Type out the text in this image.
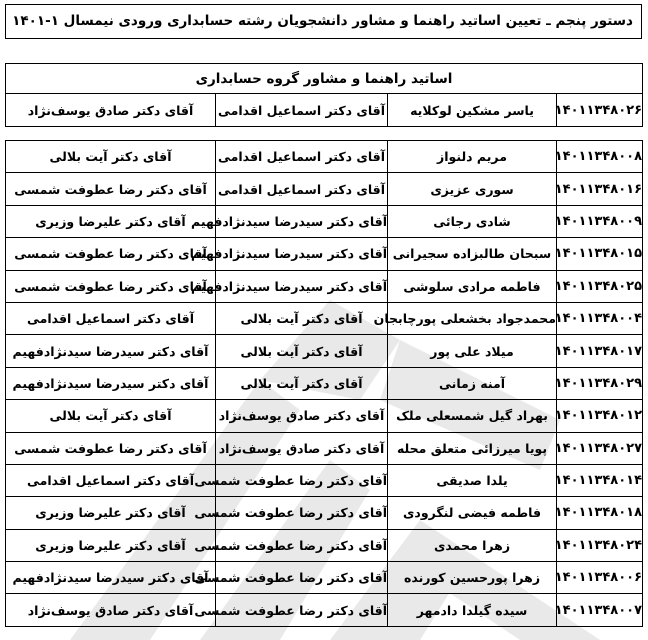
دستور پنجم ـ تعیین اساتید راهنما و مشاور دانشجویان رشته حسابداری ورودی نیمسال ۱-۱۴۰۱
اساتید راهنما و مشاور گروه حسابداری
۱۴۰۱۱۳۴۸۰۲۶	یاسر مشکین لوکلایه	آقای دکتر اسماعیل اقدامی	آقای دکتر صادق یوسف‌نژاد
۱۴۰۱۱۳۴۸۰۰۸	مریم دلنواز	آقای دکتر اسماعیل اقدامی	آقای دکتر آیت بلالی
۱۴۰۱۱۳۴۸۰۱۶	سوری عزیزی	آقای دکتر اسماعیل اقدامی	آقای دکتر رضا عطوفت شمسی
۱۴۰۱۱۳۴۸۰۰۹	شادی رجائی	آقای دکتر سیدرضا سیدنژادفهیم	آقای دکتر علیرضا وزیری
۱۴۰۱۱۳۴۸۰۱۵	سبحان طالبزاده سجیرانی	آقای دکتر سیدرضا سیدنژادفهیم	آقای دکتر رضا عطوفت شمسی
۱۴۰۱۱۳۴۸۰۲۵	فاطمه مرادی سلوشی	آقای دکتر سیدرضا سیدنژادفهیم	آقای دکتر رضا عطوفت شمسی
۱۴۰۱۱۳۴۸۰۰۴	محمدجواد بخشعلی پورچابجان	آقای دکتر آیت بلالی	آقای دکتر اسماعیل اقدامی
۱۴۰۱۱۳۴۸۰۱۷	میلاد علی پور	آقای دکتر آیت بلالی	آقای دکتر سیدرضا سیدنژادفهیم
۱۴۰۱۱۳۴۸۰۲۹	آمنه زمانی	آقای دکتر آیت بلالی	آقای دکتر سیدرضا سیدنژادفهیم
۱۴۰۱۱۳۴۸۰۱۲	بهراد گیل شمسعلی ملک	آقای دکتر صادق یوسف‌نژاد	آقای دکتر آیت بلالی
۱۴۰۱۱۳۴۸۰۲۷	پویا میرزائی متعلق محله	آقای دکتر صادق یوسف‌نژاد	آقای دکتر رضا عطوفت شمسی
۱۴۰۱۱۳۴۸۰۱۴	یلدا صدیقی	آقای دکتر رضا عطوفت شمسی	آقای دکتر اسماعیل اقدامی
۱۴۰۱۱۳۴۸۰۱۸	فاطمه فیضی لنگرودی	آقای دکتر رضا عطوفت شمسی	آقای دکتر علیرضا وزیری
۱۴۰۱۱۳۴۸۰۲۴	زهرا محمدی	آقای دکتر رضا عطوفت شمسی	آقای دکتر علیرضا وزیری
۱۴۰۱۱۳۴۸۰۰۶	زهرا پورحسین کورنده	آقای دکتر رضا عطوفت شمسی	آقای دکتر سیدرضا سیدنژادفهیم
۱۴۰۱۱۳۴۸۰۰۷	سیده گیلدا دادمهر	آقای دکتر رضا عطوفت شمسی	آقای دکتر صادق یوسف‌نژاد
